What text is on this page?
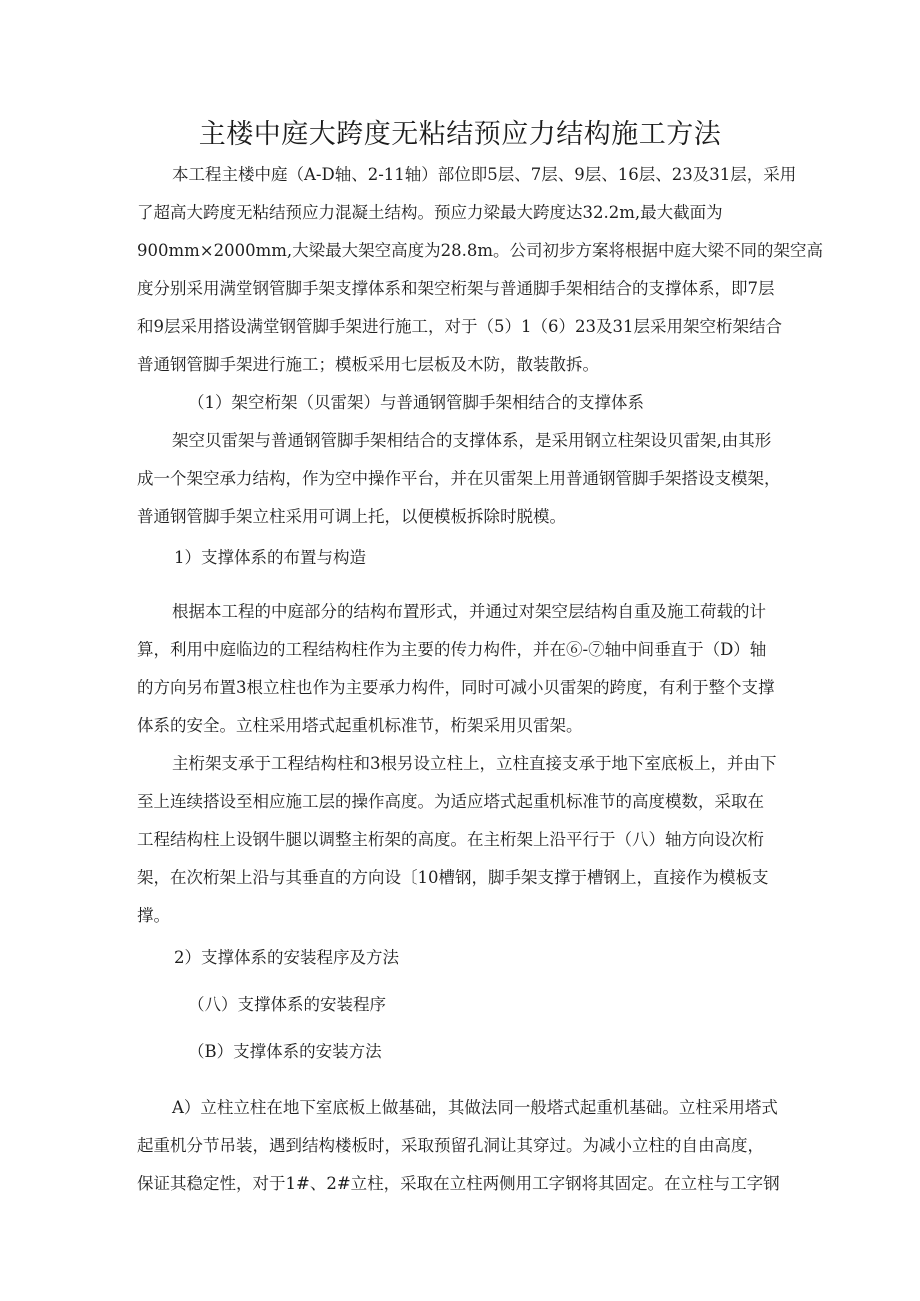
主楼中庭大跨度无粘结预应力结构施工方法
本工程主楼中庭（A-D轴、2-11轴）部位即5层、7层、9层、16层、23及31层，采用
了超高大跨度无粘结预应力混凝土结构。预应力梁最大跨度达32.2m,最大截面为
900mm×2000mm,大梁最大架空高度为28.8m。公司初步方案将根据中庭大梁不同的架空高
度分别采用满堂钢管脚手架支撑体系和架空桁架与普通脚手架相结合的支撑体系，即7层
和9层采用搭设满堂钢管脚手架进行施工，对于（5）1（6）23及31层采用架空桁架结合
普通钢管脚手架进行施工；模板采用七层板及木防，散装散拆。
（1）架空桁架（贝雷架）与普通钢管脚手架相结合的支撑体系
架空贝雷架与普通钢管脚手架相结合的支撑体系，是采用钢立柱架设贝雷架,由其形
成一个架空承力结构，作为空中操作平台，并在贝雷架上用普通钢管脚手架搭设支模架，
普通钢管脚手架立柱采用可调上托，以便模板拆除时脱模。
1）支撑体系的布置与构造
根据本工程的中庭部分的结构布置形式，并通过对架空层结构自重及施工荷载的计
算，利用中庭临边的工程结构柱作为主要的传力构件，并在⑥-⑦轴中间垂直于（D）轴
的方向另布置3根立柱也作为主要承力构件，同时可减小贝雷架的跨度，有利于整个支撑
体系的安全。立柱采用塔式起重机标准节，桁架采用贝雷架。
主桁架支承于工程结构柱和3根另设立柱上，立柱直接支承于地下室底板上，并由下
至上连续搭设至相应施工层的操作高度。为适应塔式起重机标准节的高度模数，采取在
工程结构柱上设钢牛腿以调整主桁架的高度。在主桁架上沿平行于（八）轴方向设次桁
架，在次桁架上沿与其垂直的方向设〔10槽钢，脚手架支撑于槽钢上，直接作为模板支
撑。
2）支撑体系的安装程序及方法
（八）支撑体系的安装程序
（B）支撑体系的安装方法
A）立柱立柱在地下室底板上做基础，其做法同一般塔式起重机基础。立柱采用塔式
起重机分节吊装，遇到结构楼板时，采取预留孔洞让其穿过。为减小立柱的自由高度，
保证其稳定性，对于1#、2#立柱，采取在立柱两侧用工字钢将其固定。在立柱与工字钢
